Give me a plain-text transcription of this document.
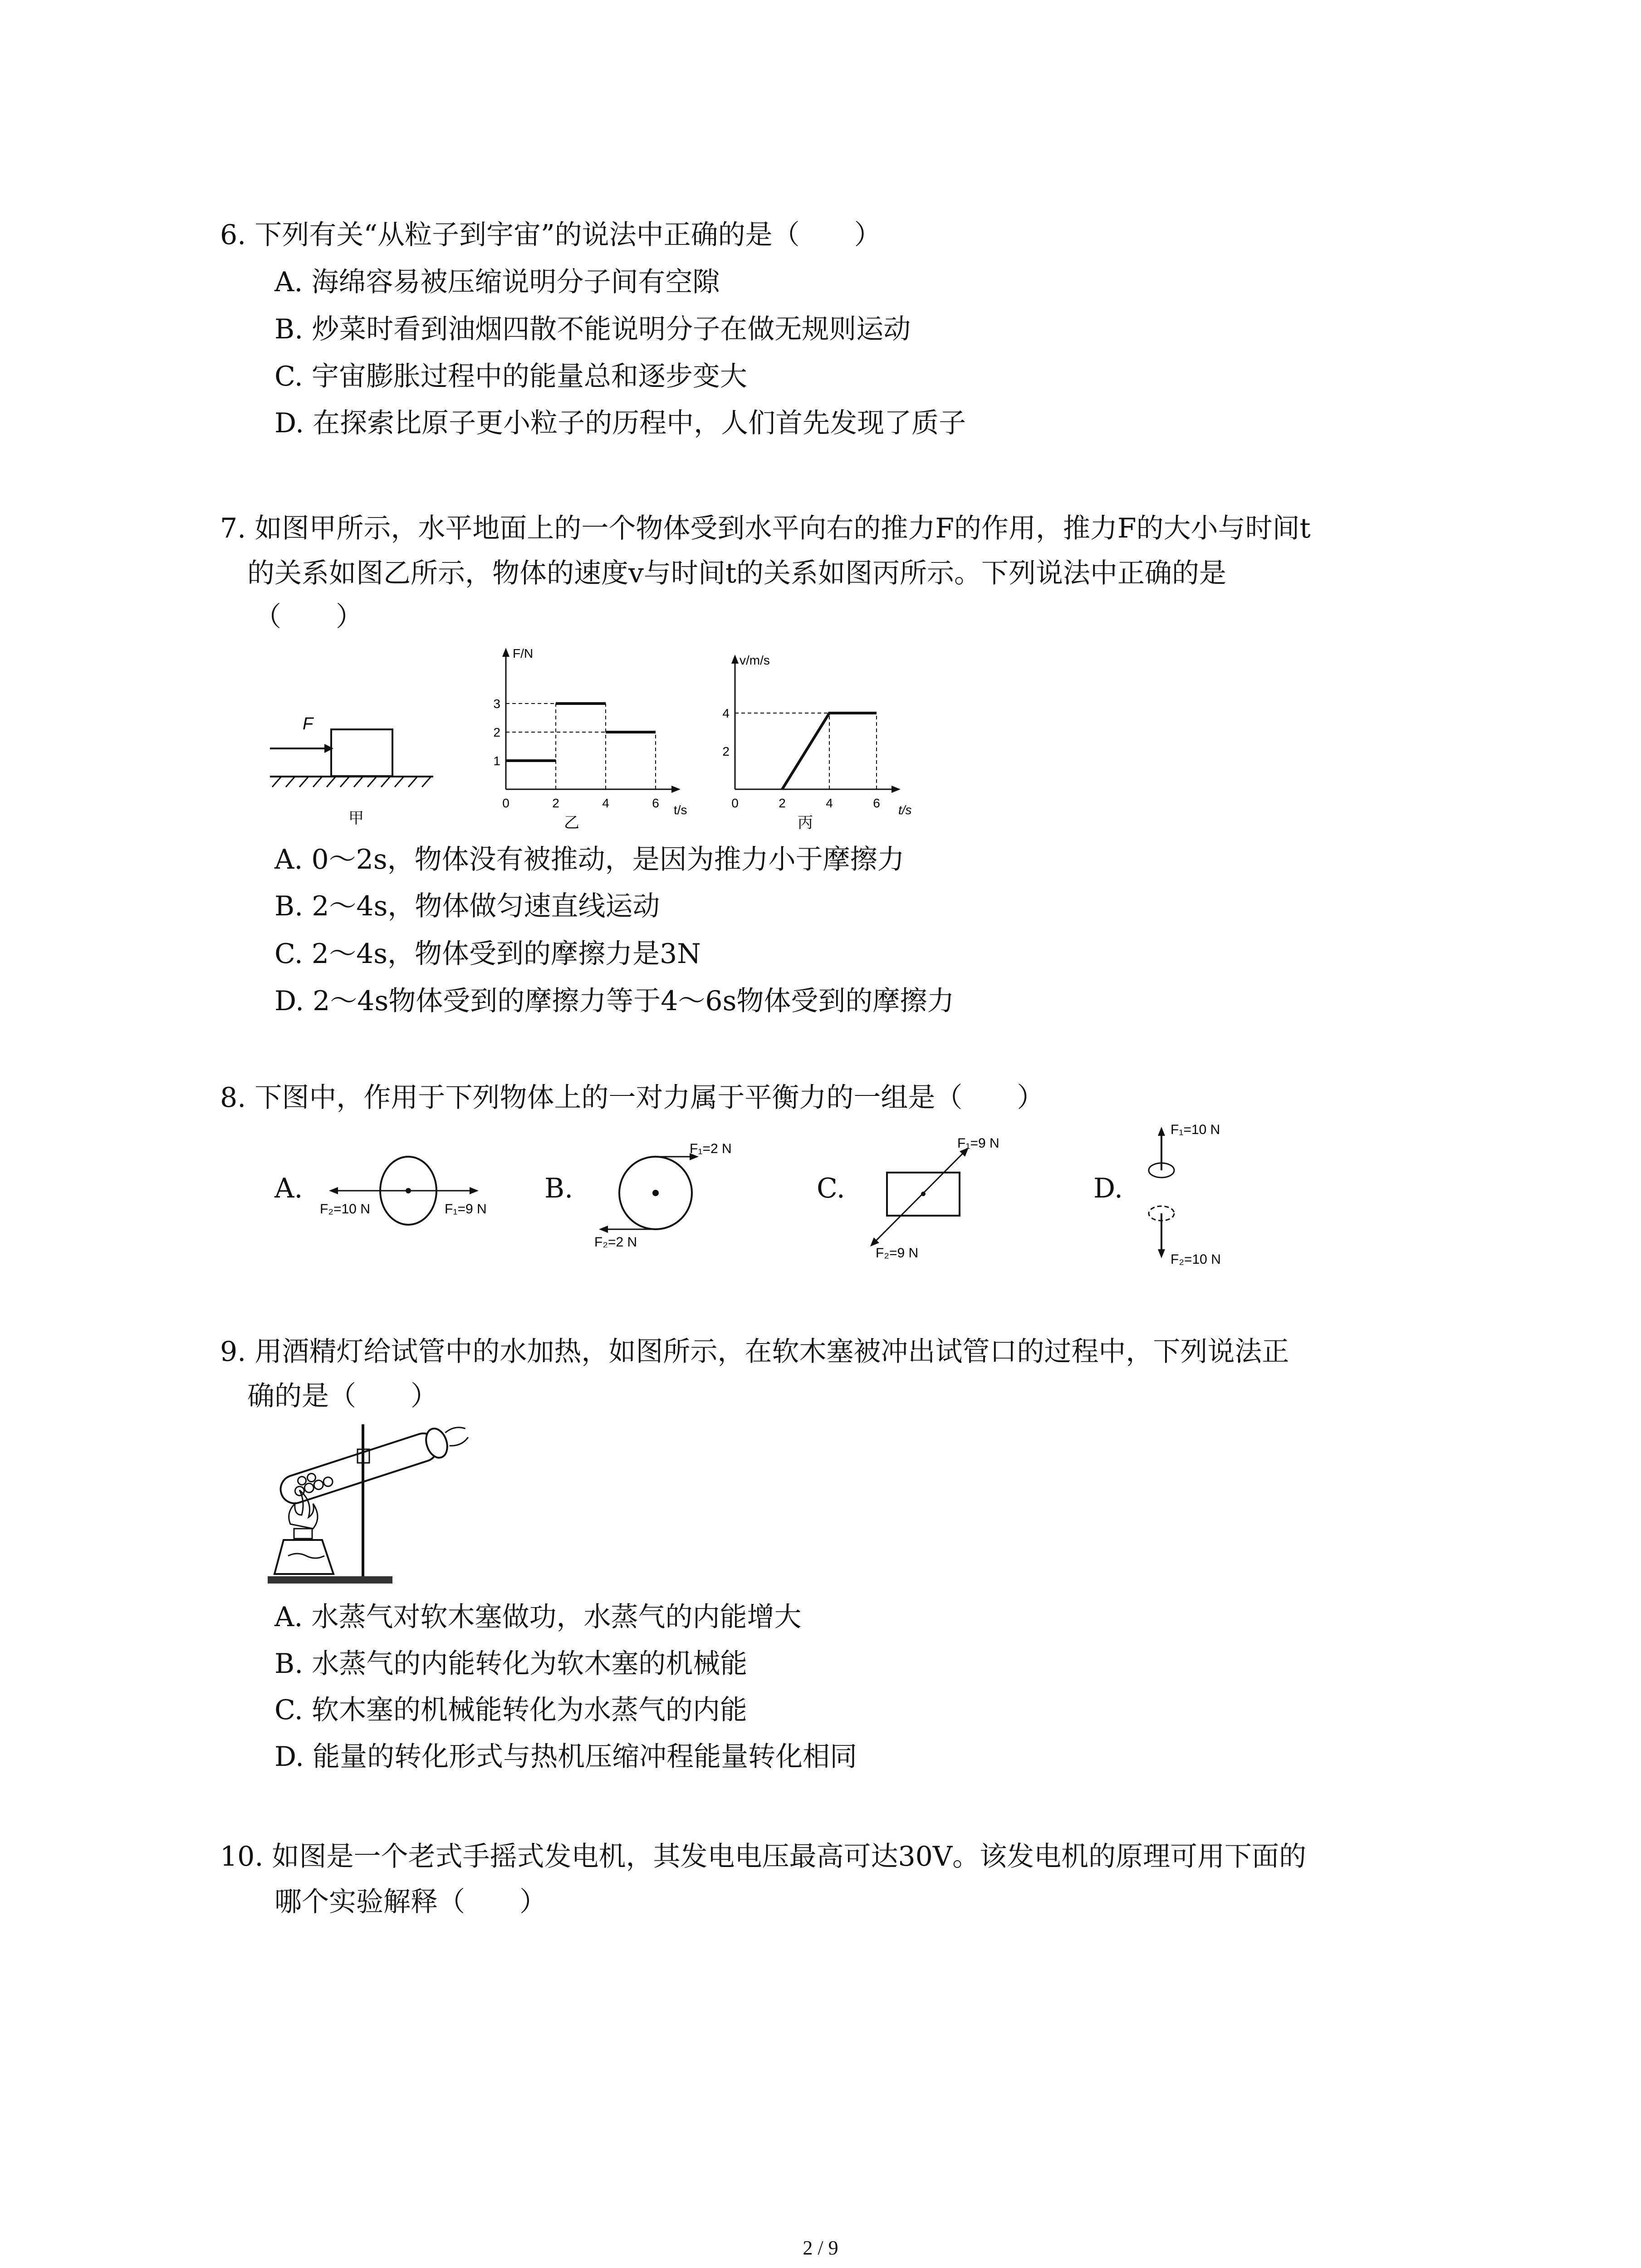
6. 下列有关“从粒子到宇宙”的说法中正确的是（　　）
A. 海绵容易被压缩说明分子间有空隙
B. 炒菜时看到油烟四散不能说明分子在做无规则运动
C. 宇宙膨胀过程中的能量总和逐步变大
D. 在探索比原子更小粒子的历程中，人们首先发现了质子
7. 如图甲所示，水平地面上的一个物体受到水平向右的推力F的作用，推力F的大小与时间t
的关系如图乙所示，物体的速度v与时间t的关系如图丙所示。下列说法中正确的是
（　　）
F
甲
F/N
t/s
1
2
3
0	2	4	6
乙
v/m/s
t/s
2
4
0	2	4	6
丙
A. 0～2s，物体没有被推动，是因为推力小于摩擦力
B. 2～4s，物体做匀速直线运动
C. 2～4s，物体受到的摩擦力是3N
D. 2～4s物体受到的摩擦力等于4～6s物体受到的摩擦力
8. 下图中，作用于下列物体上的一对力属于平衡力的一组是（　　）
A.
F₁=9 N
F₂=10 N
B.
F₁=2 N
F₂=2 N
C.
F₁=9 N
F₂=9 N
D.
F₁=10 N
F₂=10 N
9. 用酒精灯给试管中的水加热，如图所示，在软木塞被冲出试管口的过程中，下列说法正
确的是（　　）
A. 水蒸气对软木塞做功，水蒸气的内能增大
B. 水蒸气的内能转化为软木塞的机械能
C. 软木塞的机械能转化为水蒸气的内能
D. 能量的转化形式与热机压缩冲程能量转化相同
10. 如图是一个老式手摇式发电机，其发电电压最高可达30V。该发电机的原理可用下面的
哪个实验解释（　　）
2 / 9
